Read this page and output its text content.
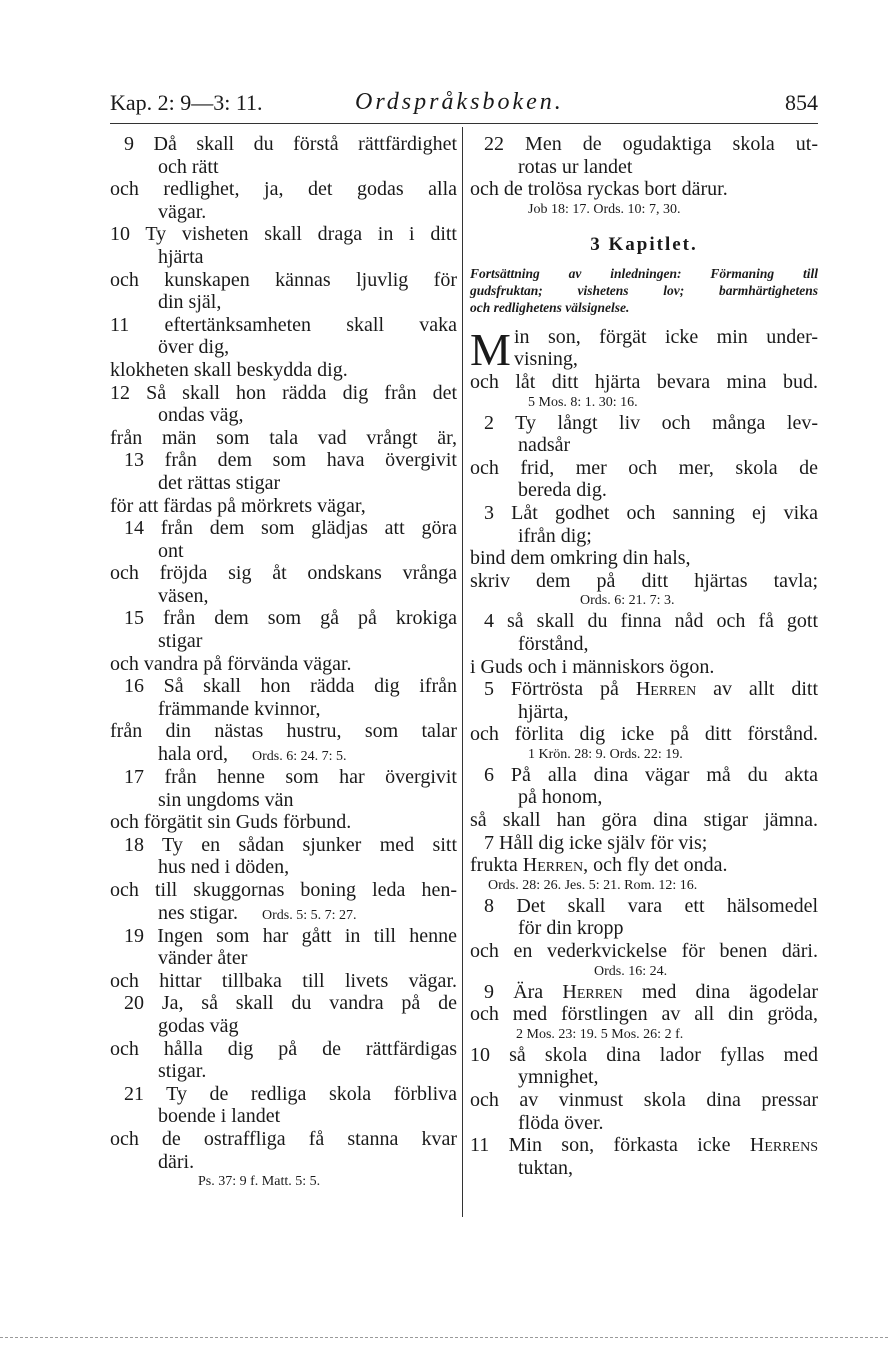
Kap. 2: 9—3: 11.	Ordspråksboken.	854
9 Då skall du förstå rättfärdighet
och rätt
och redlighet, ja, det godas alla
vägar.
10 Ty visheten skall draga in i ditt
hjärta
och kunskapen kännas ljuvlig för
din själ,
11 eftertänksamheten skall vaka
över dig,
klokheten skall beskydda dig.
12 Så skall hon rädda dig från det
ondas väg,
från män som tala vad vrångt är,
13 från dem som hava övergivit
det rättas stigar
för att färdas på mörkrets vägar,
14 från dem som glädjas att göra
ont
och fröjda sig åt ondskans vrånga
väsen,
15 från dem som gå på krokiga
stigar
och vandra på förvända vägar.
16 Så skall hon rädda dig ifrån
främmande kvinnor,
från din nästas hustru, som talar
hala ord, Ords. 6: 24. 7: 5.
17 från henne som har övergivit
sin ungdoms vän
och förgätit sin Guds förbund.
18 Ty en sådan sjunker med sitt
hus ned i döden,
och till skuggornas boning leda hen-
nes stigar. Ords. 5: 5. 7: 27.
19 Ingen som har gått in till henne
vänder åter
och hittar tillbaka till livets vägar.
20 Ja, så skall du vandra på de
godas väg
och hålla dig på de rättfärdigas
stigar.
21 Ty de redliga skola förbliva
boende i landet
och de ostraffliga få stanna kvar
däri.
Ps. 37: 9 f. Matt. 5: 5.
22 Men de ogudaktiga skola ut-
rotas ur landet
och de trolösa ryckas bort därur.
Job 18: 17. Ords. 10: 7, 30.
3 Kapitlet.
Fortsättning av inledningen: Förmaning till
gudsfruktan; vishetens lov; barmhärtighetens
och redlighetens välsignelse.
M in son, förgät icke min under-
visning,
och låt ditt hjärta bevara mina bud.
5 Mos. 8: 1. 30: 16.
2 Ty långt liv och många lev-
nadsår
och frid, mer och mer, skola de
bereda dig.
3 Låt godhet och sanning ej vika
ifrån dig;
bind dem omkring din hals,
skriv dem på ditt hjärtas tavla;
Ords. 6: 21. 7: 3.
4 så skall du finna nåd och få gott
förstånd,
i Guds och i människors ögon.
5 Förtrösta på Herren av allt ditt
hjärta,
och förlita dig icke på ditt förstånd.
1 Krön. 28: 9. Ords. 22: 19.
6 På alla dina vägar må du akta
på honom,
så skall han göra dina stigar jämna.
7 Håll dig icke själv för vis;
frukta Herren, och fly det onda.
Ords. 28: 26. Jes. 5: 21. Rom. 12: 16.
8 Det skall vara ett hälsomedel
för din kropp
och en vederkvickelse för benen däri.
Ords. 16: 24.
9 Ära Herren med dina ägodelar
och med förstlingen av all din gröda,
2 Mos. 23: 19. 5 Mos. 26: 2 f.
10 så skola dina lador fyllas med
ymnighet,
och av vinmust skola dina pressar
flöda över.
11 Min son, förkasta icke Herrens
tuktan,
